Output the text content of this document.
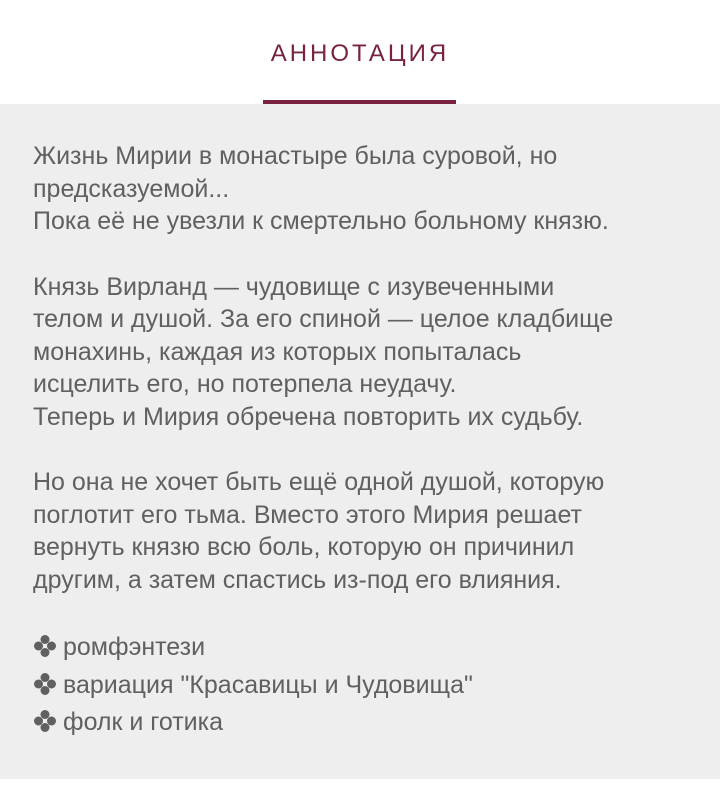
АННОТАЦИЯ
Жизнь Мирии в монастыре была суровой, но
предсказуемой...
Пока её не увезли к смертельно больному князю.
Князь Вирланд — чудовище с изувеченными
телом и душой. За его спиной — целое кладбище
монахинь, каждая из которых попыталась
исцелить его, но потерпела неудачу.
Теперь и Мирия обречена повторить их судьбу.
Но она не хочет быть ещё одной душой, которую
поглотит его тьма. Вместо этого Мирия решает
вернуть князю всю боль, которую он причинил
другим, а затем спастись из-под его влияния.
ромфэнтези
вариация "Красавицы и Чудовища"
фолк и готика
